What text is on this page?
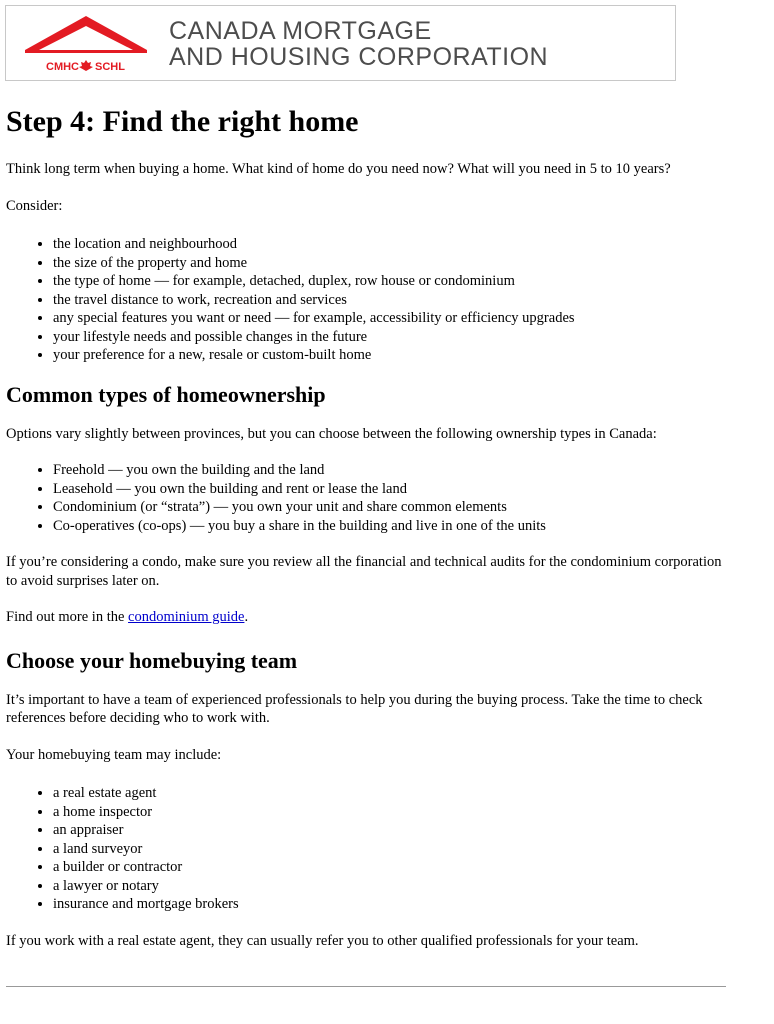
CMHC SCHL
CANADA MORTGAGE
AND HOUSING CORPORATION
Step 4: Find the right home

Think long term when buying a home. What kind of home do you need now? What will you need in 5 to 10 years?

Consider:

• the location and neighbourhood
• the size of the property and home
• the type of home — for example, detached, duplex, row house or condominium
• the travel distance to work, recreation and services
• any special features you want or need — for example, accessibility or efficiency upgrades
• your lifestyle needs and possible changes in the future
• your preference for a new, resale or custom-built home
Common types of homeownership

Options vary slightly between provinces, but you can choose between the following ownership types in Canada:

• Freehold — you own the building and the land
• Leasehold — you own the building and rent or lease the land
• Condominium (or “strata”) — you own your unit and share common elements
• Co-operatives (co-ops) — you buy a share in the building and live in one of the units

If you’re considering a condo, make sure you review all the financial and technical audits for the condominium corporation to avoid surprises later on.

Find out more in the condominium guide.

Choose your homebuying team

It’s important to have a team of experienced professionals to help you during the buying process. Take the time to check references before deciding who to work with.

Your homebuying team may include:

• a real estate agent
• a home inspector
• an appraiser
• a land surveyor
• a builder or contractor
• a lawyer or notary
• insurance and mortgage brokers

If you work with a real estate agent, they can usually refer you to other qualified professionals for your team.
